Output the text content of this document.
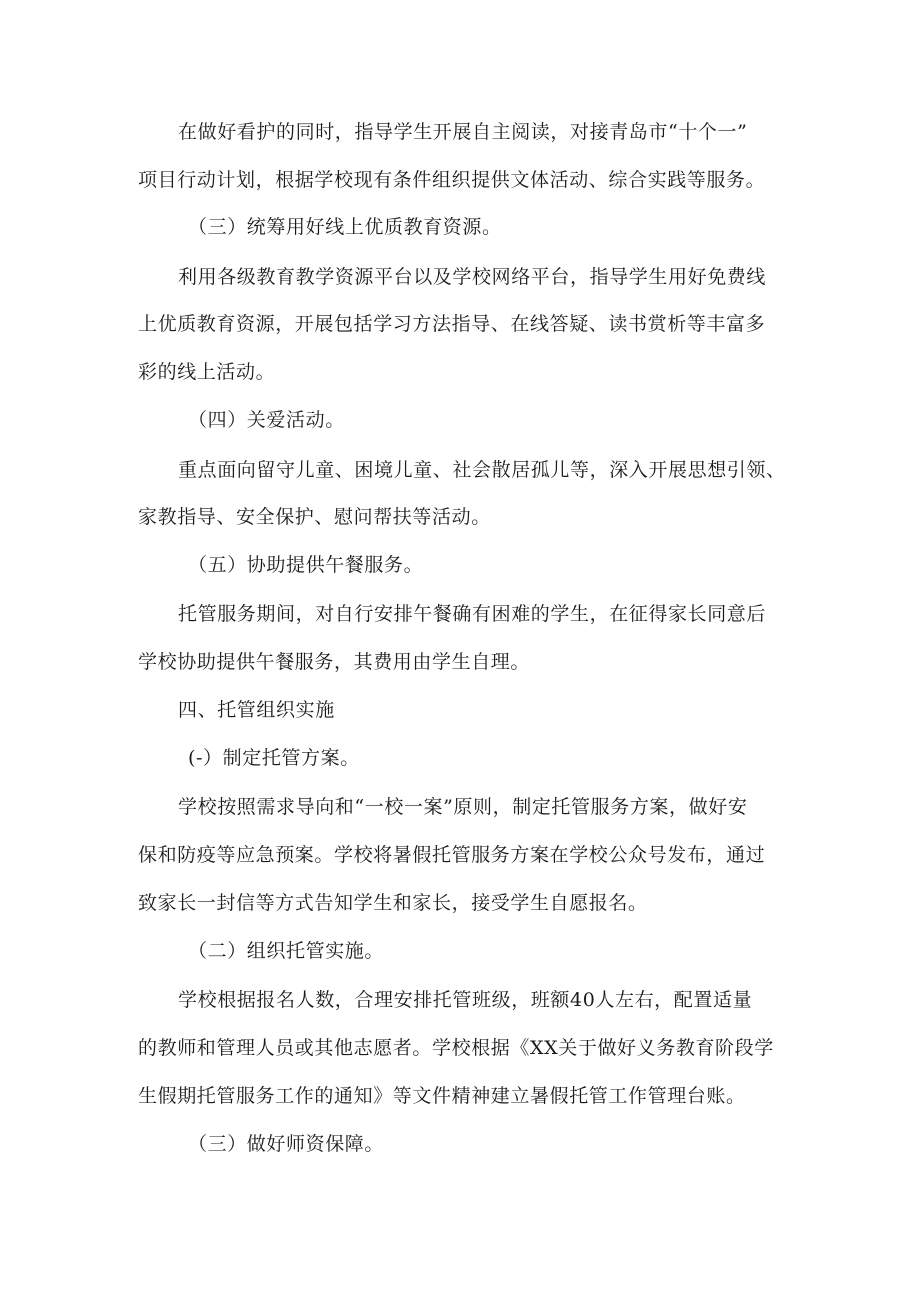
在做好看护的同时，指导学生开展自主阅读，对接青岛市“十个一”
项目行动计划，根据学校现有条件组织提供文体活动、综合实践等服务。
（三）统筹用好线上优质教育资源。
利用各级教育教学资源平台以及学校网络平台，指导学生用好免费线
上优质教育资源，开展包括学习方法指导、在线答疑、读书赏析等丰富多
彩的线上活动。
（四）关爱活动。
重点面向留守儿童、困境儿童、社会散居孤儿等，深入开展思想引领、
家教指导、安全保护、慰问帮扶等活动。
（五）协助提供午餐服务。
托管服务期间，对自行安排午餐确有困难的学生，在征得家长同意后
学校协助提供午餐服务，其费用由学生自理。
四、托管组织实施
(-）制定托管方案。
学校按照需求导向和“一校一案”原则，制定托管服务方案，做好安
保和防疫等应急预案。学校将暑假托管服务方案在学校公众号发布，通过
致家长一封信等方式告知学生和家长，接受学生自愿报名。
（二）组织托管实施。
学校根据报名人数，合理安排托管班级，班额40人左右，配置适量
的教师和管理人员或其他志愿者。学校根据《XX关于做好义务教育阶段学
生假期托管服务工作的通知》等文件精神建立暑假托管工作管理台账。
（三）做好师资保障。
